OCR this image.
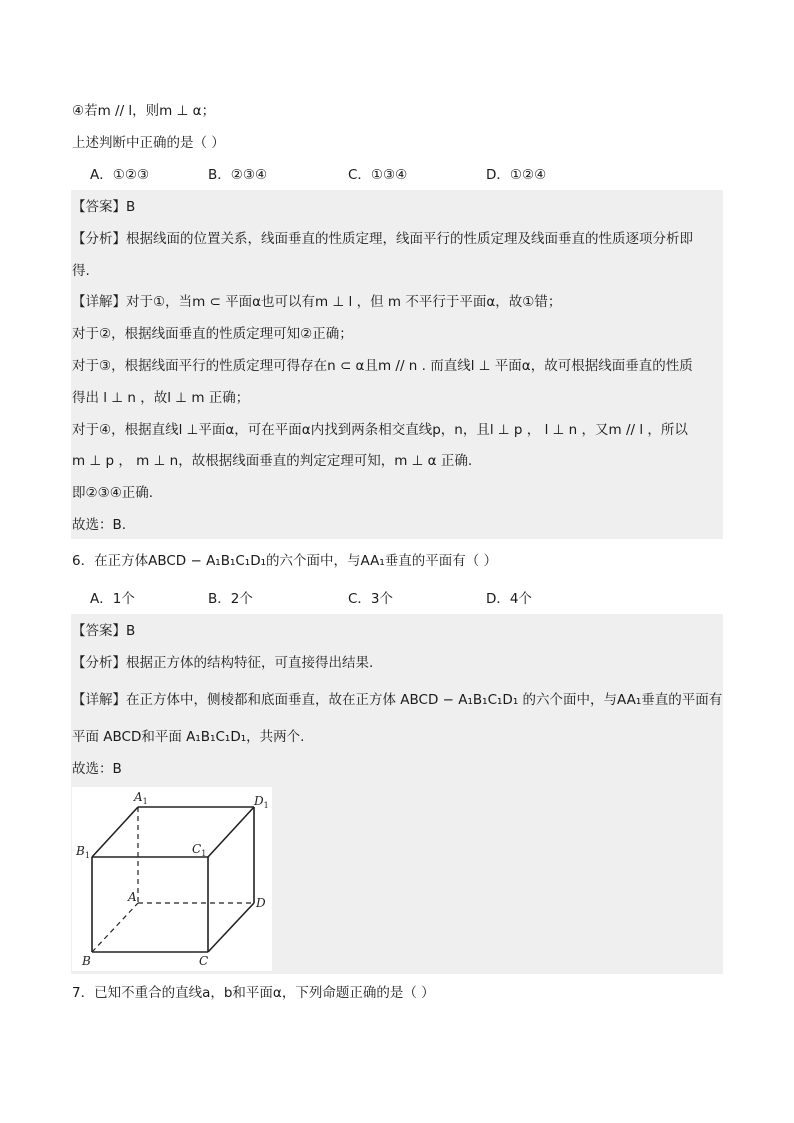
④若m // l，则m ⊥ α；
上述判断中正确的是（ ）
A．①②③	B．②③④	C．①③④	D．①②④
【答案】B
【分析】根据线面的位置关系，线面垂直的性质定理，线面平行的性质定理及线面垂直的性质逐项分析即
得.
【详解】对于①，当m ⊂ 平面α也可以有m ⊥ l ，但 m 不平行于平面α，故①错；
对于②，根据线面垂直的性质定理可知②正确；
对于③，根据线面平行的性质定理可得存在n ⊂ α且m // n . 而直线l ⊥ 平面α，故可根据线面垂直的性质
得出 l ⊥ n ，故l ⊥ m 正确；
对于④，根据直线l ⊥平面α，可在平面α内找到两条相交直线p，n，且l ⊥ p ， l ⊥ n ，又m // l ，所以
m ⊥ p ， m ⊥ n，故根据线面垂直的判定定理可知，m ⊥ α 正确.
即②③④正确.
故选：B.
6．在正方体ABCD − A₁B₁C₁D₁的六个面中，与AA₁垂直的平面有（ ）
A．1个	B．2个	C．3个	D．4个
【答案】B
【分析】根据正方体的结构特征，可直接得出结果.
【详解】在正方体中，侧棱都和底面垂直，故在正方体 ABCD − A₁B₁C₁D₁ 的六个面中，与AA₁垂直的平面有
平面 ABCD和平面 A₁B₁C₁D₁，共两个.
故选：B
$A_1$	$D_1$
$B_1$	$C_1$
A	D
B	C
7．已知不重合的直线a，b和平面α，下列命题正确的是（ ）
